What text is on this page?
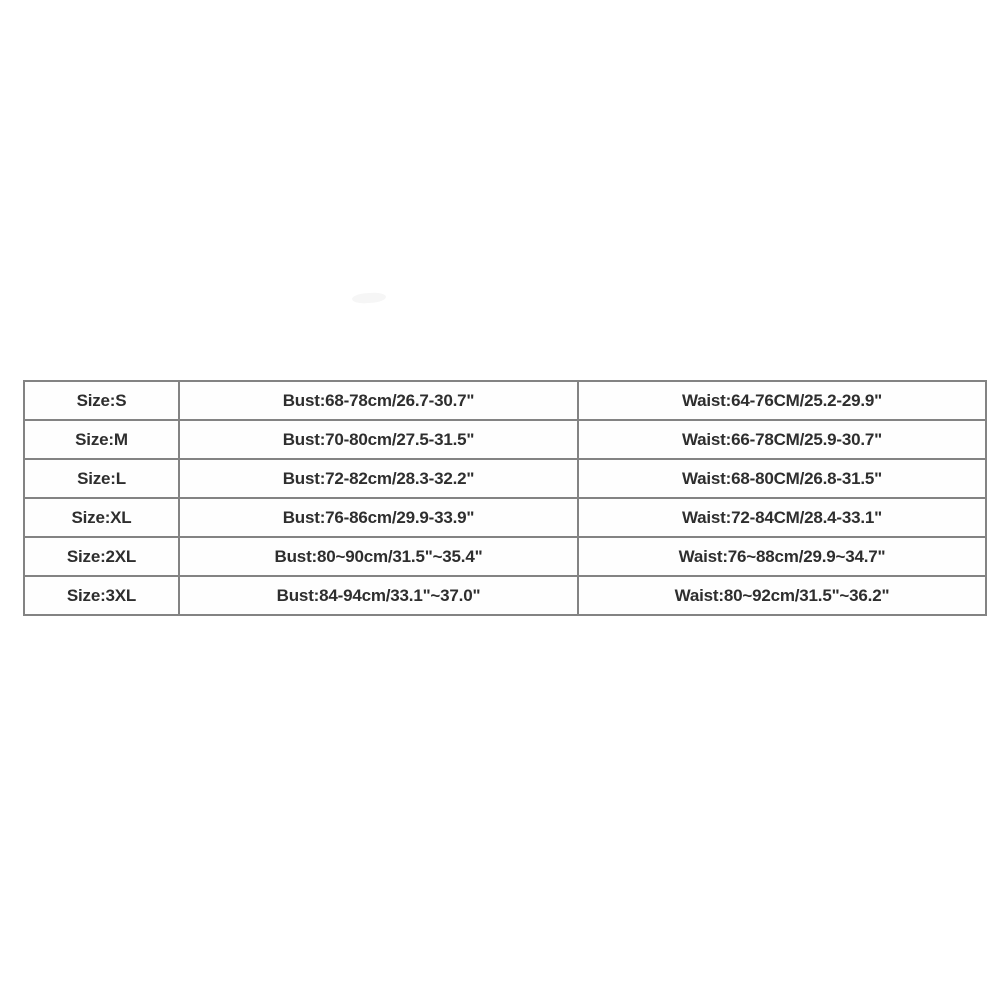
Size:S	Bust:68-78cm/26.7-30.7"	Waist:64-76CM/25.2-29.9"
Size:M	Bust:70-80cm/27.5-31.5"	Waist:66-78CM/25.9-30.7"
Size:L	Bust:72-82cm/28.3-32.2"	Waist:68-80CM/26.8-31.5"
Size:XL	Bust:76-86cm/29.9-33.9"	Waist:72-84CM/28.4-33.1"
Size:2XL	Bust:80~90cm/31.5"~35.4"	Waist:76~88cm/29.9~34.7"
Size:3XL	Bust:84-94cm/33.1"~37.0"	Waist:80~92cm/31.5"~36.2"
